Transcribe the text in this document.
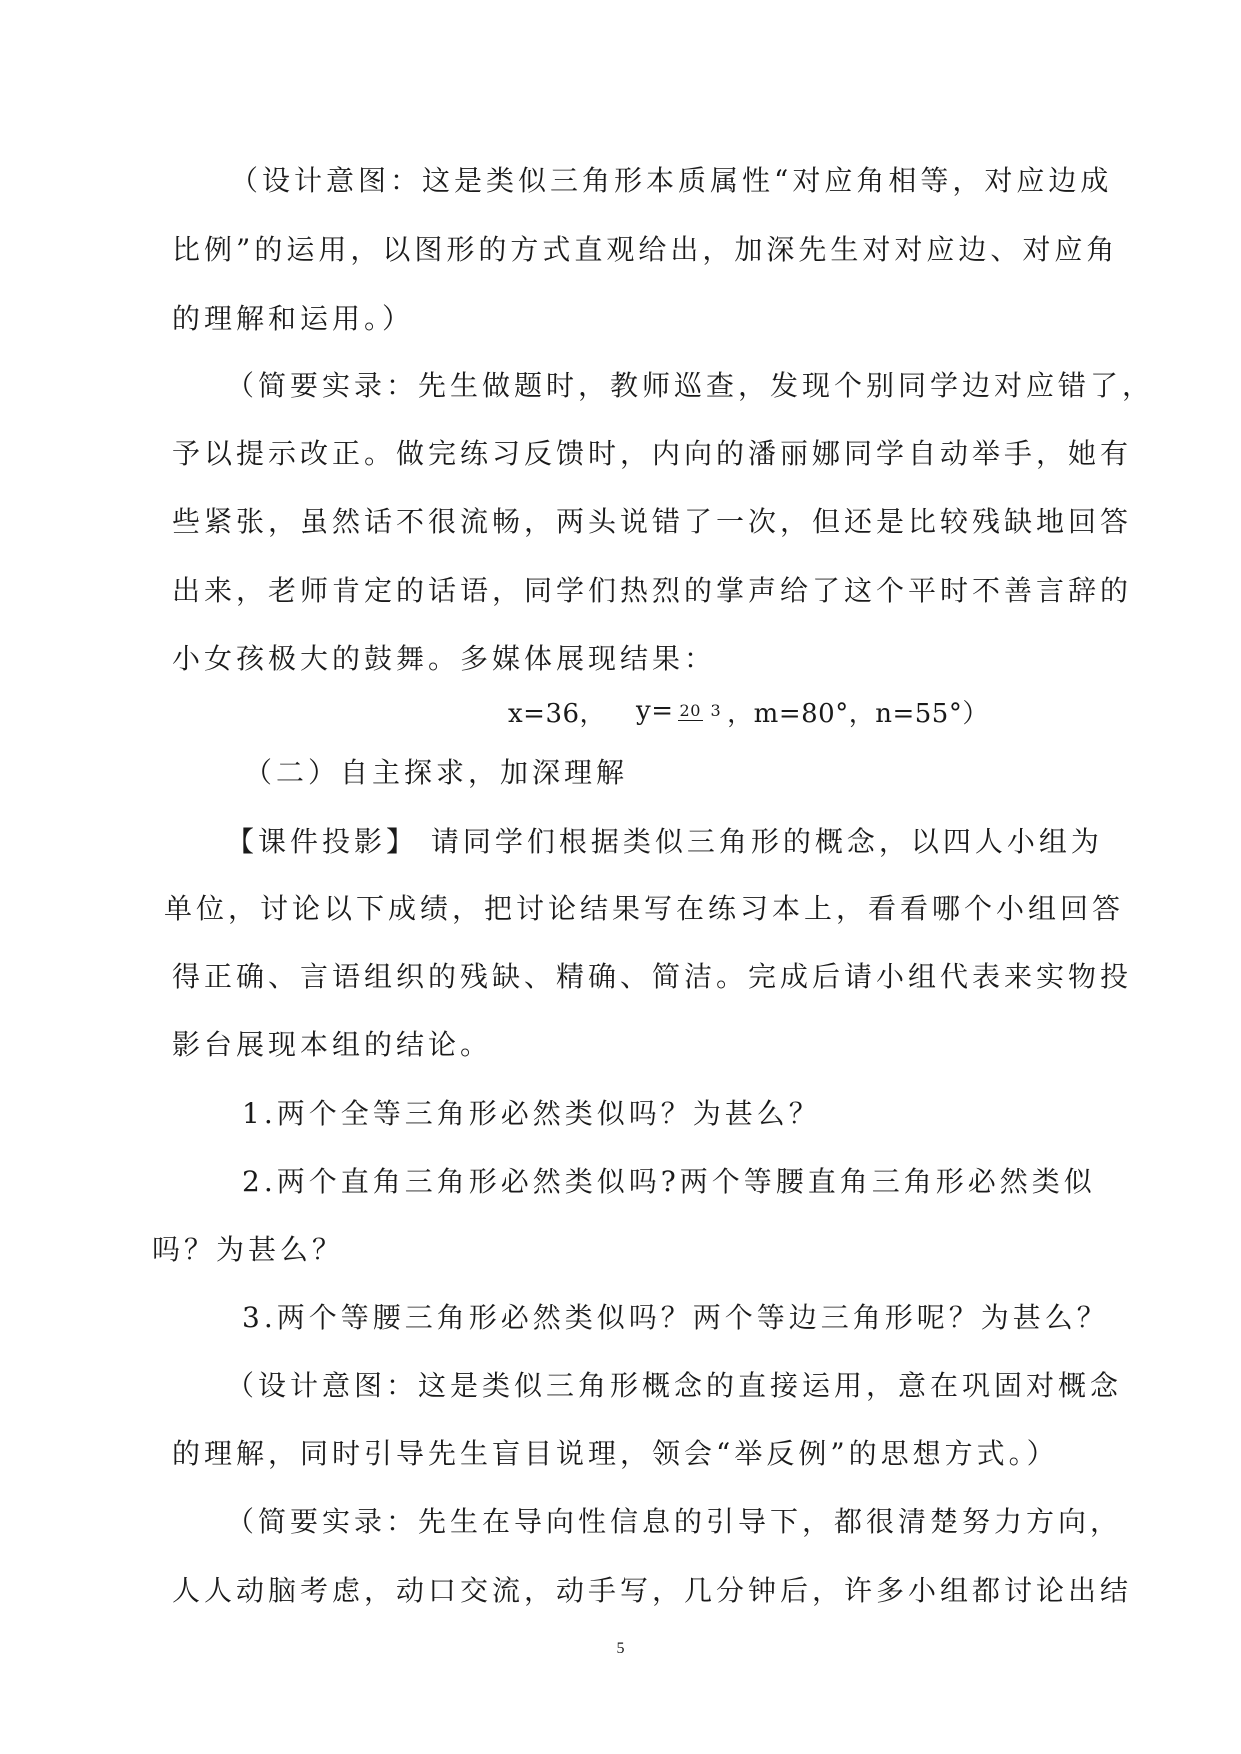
（设计意图：这是类似三角形本质属性“对应角相等，对应边成
比例”的运用，以图形的方式直观给出，加深先生对对应边、对应角
的理解和运用。）
（简要实录：先生做题时，教师巡查，发现个别同学边对应错了，
予以提示改正。做完练习反馈时，内向的潘丽娜同学自动举手，她有
些紧张，虽然话不很流畅，两头说错了一次，但还是比较残缺地回答
出来，老师肯定的话语，同学们热烈的掌声给了这个平时不善言辞的
小女孩极大的鼓舞。多媒体展现结果：
x=36， y= 20 3 ，m=80°， n=55°）
（二）自主探求，加深理解
【课件投影】 请同学们根据类似三角形的概念，以四人小组为
单位，讨论以下成绩，把讨论结果写在练习本上，看看哪个小组回答
得正确、言语组织的残缺、精确、简洁。完成后请小组代表来实物投
影台展现本组的结论。
1.两个全等三角形必然类似吗？为甚么？
2.两个直角三角形必然类似吗?两个等腰直角三角形必然类似
吗？为甚么？
3.两个等腰三角形必然类似吗？两个等边三角形呢？为甚么？
（设计意图：这是类似三角形概念的直接运用，意在巩固对概念
的理解，同时引导先生盲目说理，领会“举反例”的思想方式。）
（简要实录：先生在导向性信息的引导下，都很清楚努力方向，
人人动脑考虑，动口交流，动手写，几分钟后，许多小组都讨论出结
5
